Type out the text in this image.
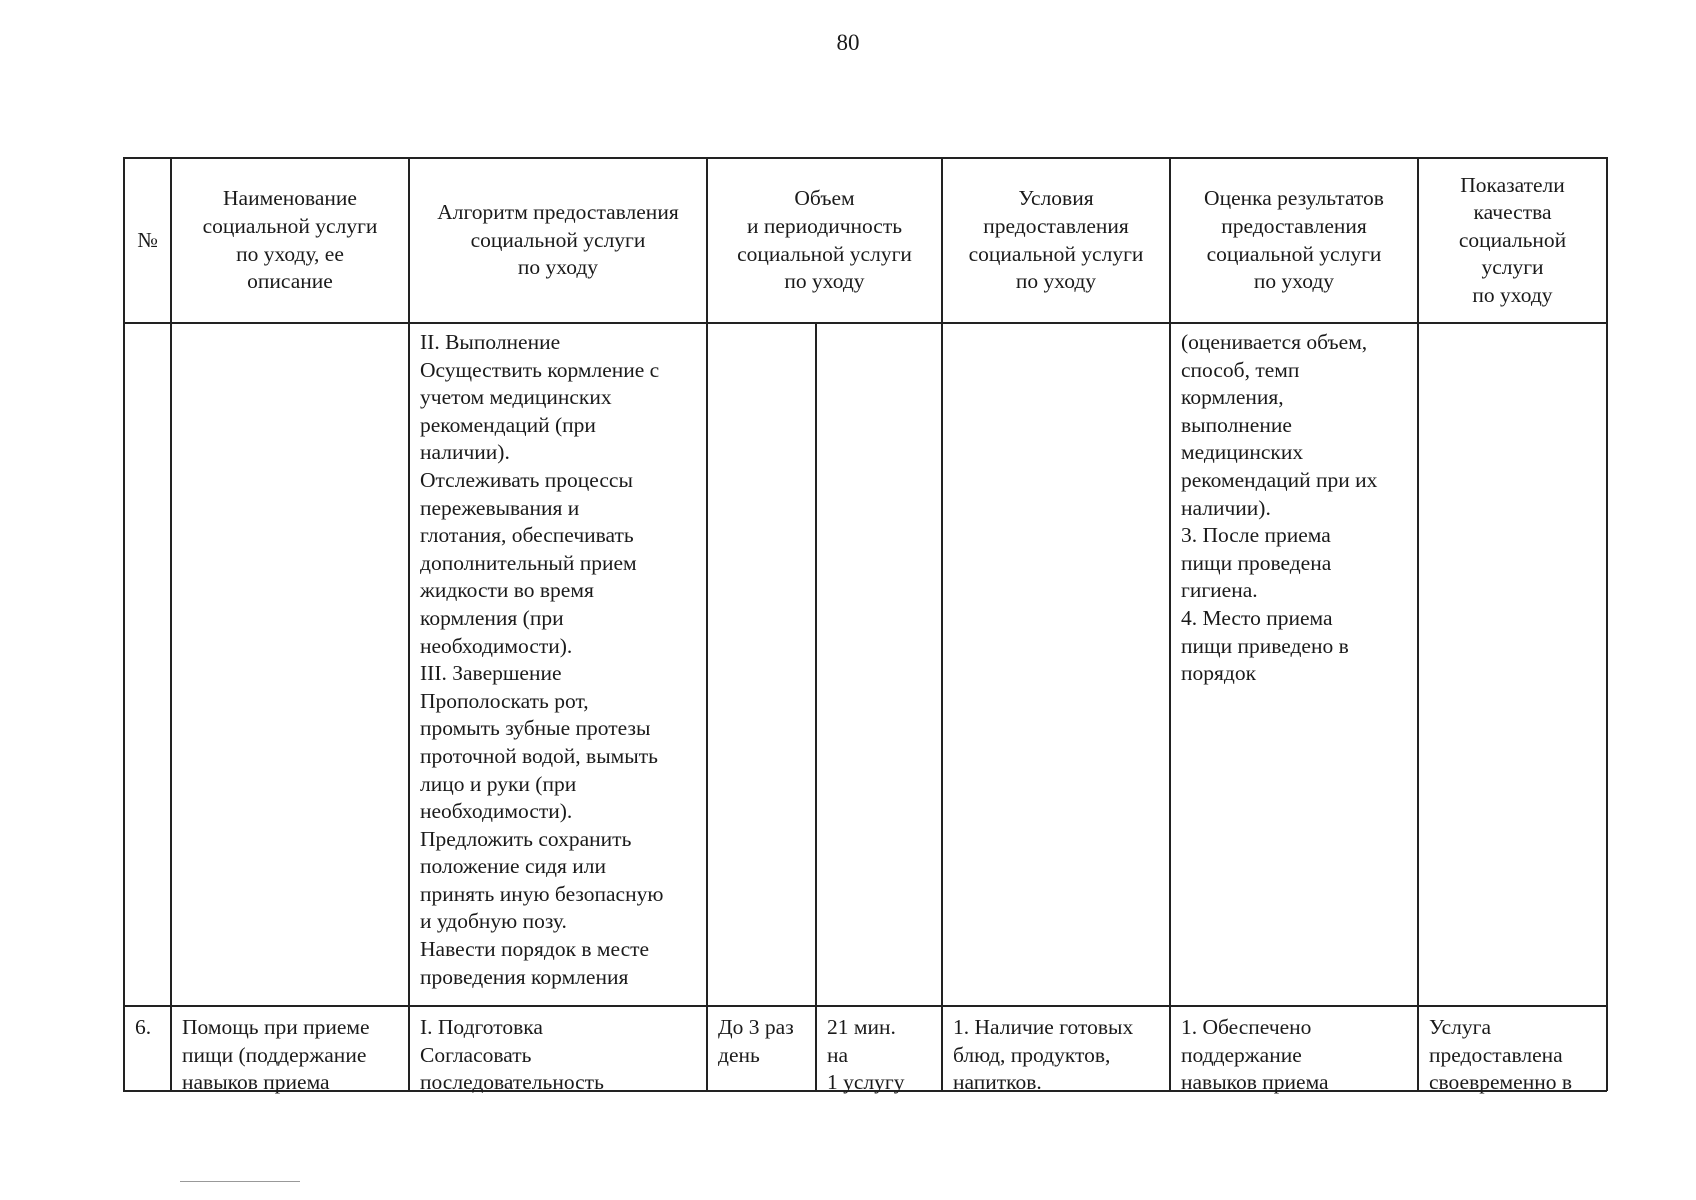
80
№
Наименование
социальной услуги
по уходу, ее
описание
Алгоритм предоставления
социальной услуги
по уходу
Объем
и периодичность
социальной услуги
по уходу
Условия
предоставления
социальной услуги
по уходу
Оценка результатов
предоставления
социальной услуги
по уходу
Показатели
качества
социальной
услуги
по уходу
II. Выполнение
Осуществить кормление с
учетом медицинских
рекомендаций (при
наличии).
Отслеживать процессы
пережевывания и
глотания, обеспечивать
дополнительный прием
жидкости во время
кормления (при
необходимости).
III. Завершение
Прополоскать рот,
промыть зубные протезы
проточной водой, вымыть
лицо и руки (при
необходимости).
Предложить сохранить
положение сидя или
принять иную безопасную
и удобную позу.
Навести порядок в месте
проведения кормления
(оценивается объем,
способ, темп
кормления,
выполнение
медицинских
рекомендаций при их
наличии).
3. После приема
пищи проведена
гигиена.
4. Место приема
пищи приведено в
порядок
6.	Помощь при приеме
пищи (поддержание
навыков приема
I. Подготовка
Согласовать
последовательность
До 3 раз
день
21 мин.
на
1 услугу
1. Наличие готовых
блюд, продуктов,
напитков.
1. Обеспечено
поддержание
навыков приема
Услуга
предоставлена
своевременно в
